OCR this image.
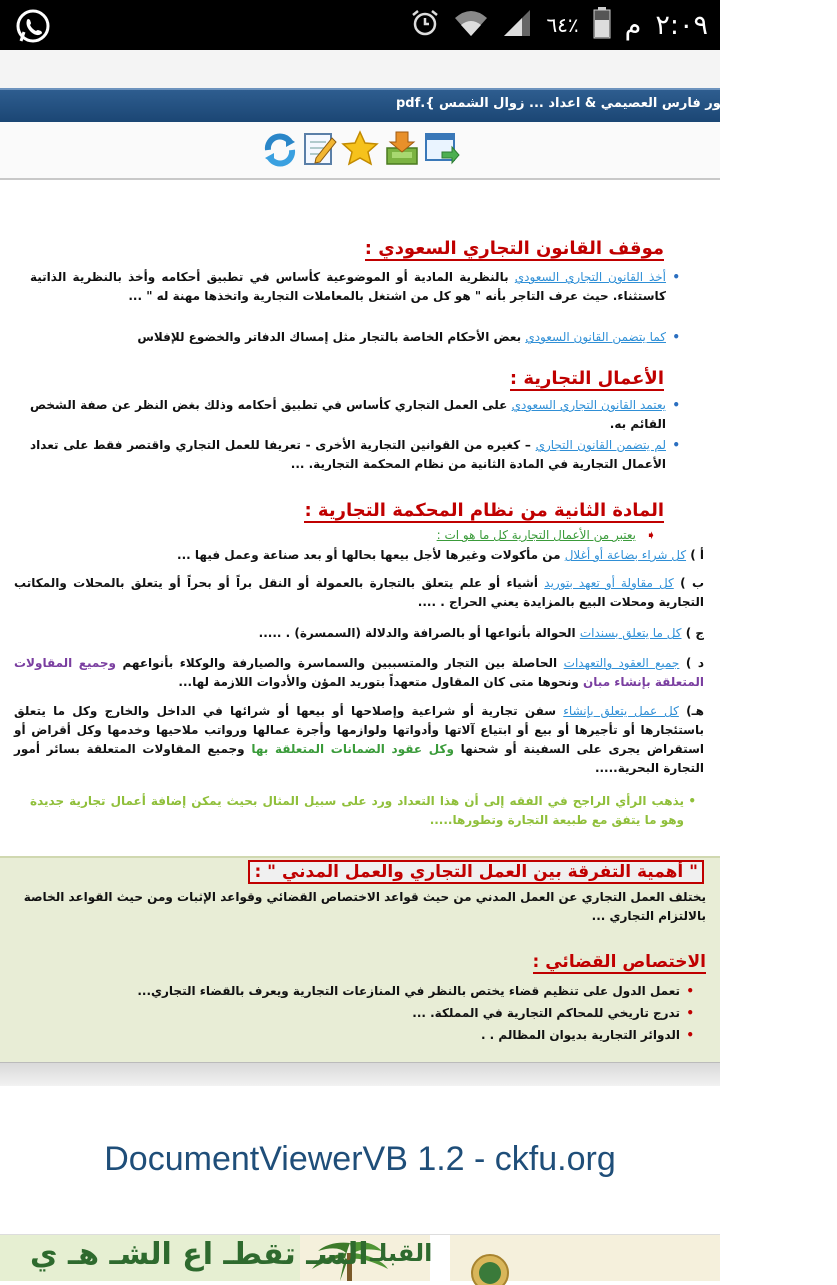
٦٤٪ م ٢:٠٩
ي & ملون & للدكتور فارس العصيمي & اعداد ... زوال الشمس }.pdf
موقف القانون التجاري السعودي :
•
أخذ القانون التجاري السعودي بالنظرية المادية أو الموضوعية كأساس في تطبيق أحكامه وأخذ بالنظرية الذاتية كاستثناء. حيث عرف التاجر بأنه " هو كل من اشتغل بالمعاملات التجارية واتخذها مهنة له " ...
•
كما يتضمن القانون السعودي بعض الأحكام الخاصة بالتجار مثل إمساك الدفاتر والخضوع للإفلاس
الأعمال التجارية :
•
يعتمد القانون التجاري السعودي على العمل التجاري كأساس في تطبيق أحكامه وذلك بغض النظر عن صفة الشخص القائم به.
•
لم يتضمن القانون التجاري – كغيره من القوانين التجارية الأخرى - تعريفا للعمل التجاري واقتصر فقط على تعداد الأعمال التجارية في المادة الثانية من نظام المحكمة التجارية. ...
المادة الثانية من نظام المحكمة التجارية :
➧
يعتبر من الأعمال التجارية كل ما هو ات :
أ ) كل شراء بضاعة أو أغلال من مأكولات وغيرها لأجل بيعها بحالها أو بعد صناعة وعمل فيها ...
ب ) كل مقاولة أو تعهد بتوريد أشياء أو علم يتعلق بالتجارة بالعمولة أو النقل براً أو بحراً أو يتعلق بالمحلات والمكاتب التجارية ومحلات البيع بالمزايدة يعني الحراج . ....
ج ) كل ما يتعلق بسندات الحوالة بأنواعها أو بالصرافة والدلالة (السمسرة) . .....
د ) جميع العقود والتعهدات الحاصلة بين التجار والمتسببين والسماسرة والصيارفة والوكلاء بأنواعهم وجميع المقاولات المتعلقة بإنشاء مبان ونحوها متى كان المقاول متعهداً بتوريد المؤن والأدوات اللازمة لها...
هـ) كل عمل يتعلق بإنشاء سفن تجارية أو شراعية وإصلاحها أو بيعها أو شرائها في الداخل والخارج وكل ما يتعلق باستئجارها أو تأجيرها أو بيع أو ابتياع آلاتها وأدواتها ولوازمها وأجرة عمالها ورواتب ملاحيها وخدمها وكل أقراض أو استقراض يجرى على السفينة أو شحنها وكل عقود الضمانات المتعلقة بها وجميع المقاولات المتعلقة بسائر أمور التجارة البحرية.....
•
يذهب الرأي الراجح في الفقه إلى أن هذا التعداد ورد على سبيل المثال بحيث يمكن إضافة أعمال تجارية جديدة وهو ما يتفق مع طبيعة التجارة وتطورها.....
" أهمية التفرقة بين العمل التجاري والعمل المدني " :
يختلف العمل التجاري عن العمل المدني من حيث قواعد الاختصاص القضائي وقواعد الإثبات ومن حيث القواعد الخاصة بالالتزام التجاري ...
الاختصاص القضائي :
•
تعمل الدول على تنظيم قضاء يختص بالنظر في المنازعات التجارية ويعرف بالقضاء التجاري...
•
تدرج تاريخي للمحاكم التجارية في المملكة. ...
•
الدوائر التجارية بديوان المظالم . .
DocumentViewerVB 1.2 - ckfu.org
القبلـ
السـ تقطـ اع الشـ هـ ي
